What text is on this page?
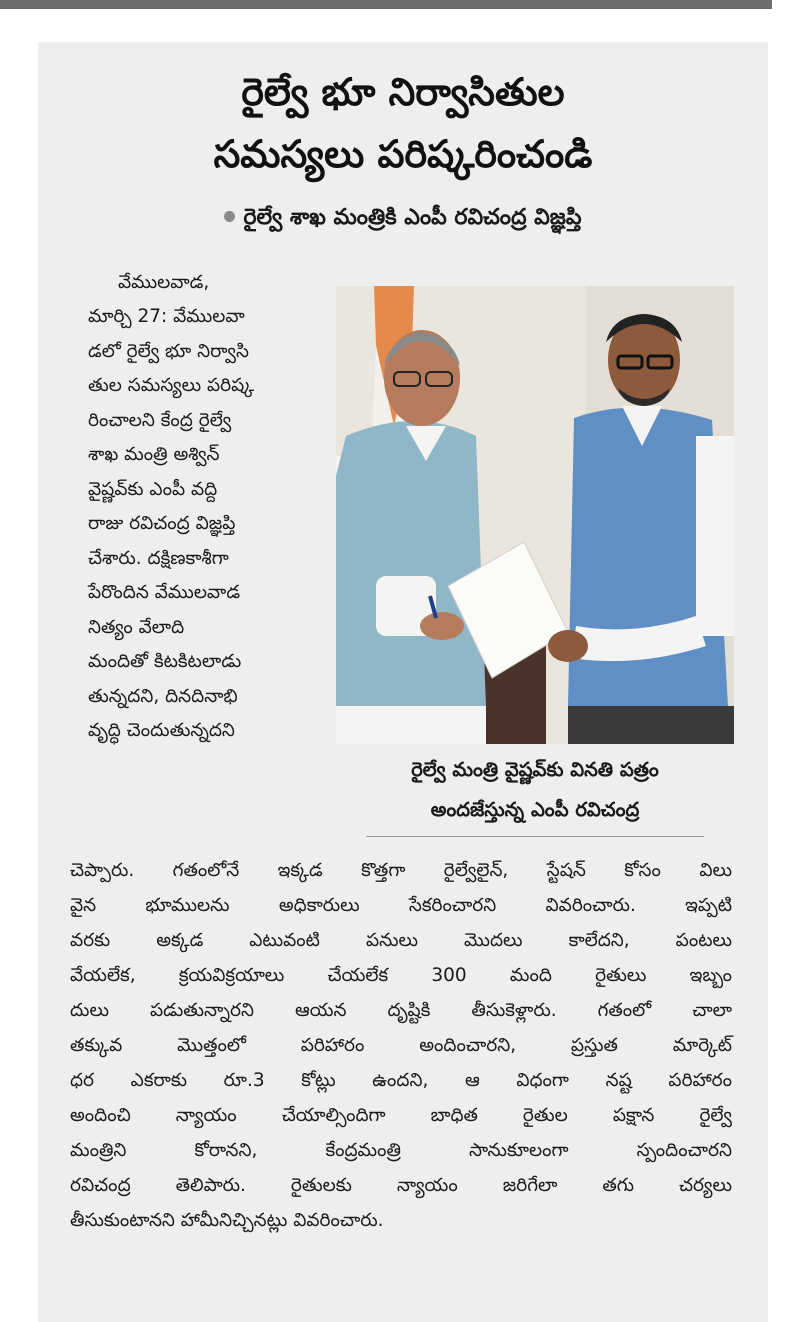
రైల్వే భూ నిర్వాసితుల
సమస్యలు పరిష్కరించండి
రైల్వే శాఖ మంత్రికి ఎంపీ రవిచంద్ర విజ్ఞప్తి
వేములవాడ,
మార్చి 27: వేములవా
డలో రైల్వే భూ నిర్వాసి
తుల సమస్యలు పరిష్క
రించాలని కేంద్ర రైల్వే
శాఖ మంత్రి అశ్విన్
వైష్ణవ్‌కు ఎంపీ వద్ది
రాజు రవిచంద్ర విజ్ఞప్తి
చేశారు. దక్షిణకాశీగా
పేరొందిన వేములవాడ
నిత్యం వేలాది
మందితో కిటకిటలాడు
తున్నదని, దినదినాభి
వృద్ధి చెందుతున్నదని
రైల్వే మంత్రి వైష్ణవ్‌కు వినతి పత్రం
అందజేస్తున్న ఎంపీ రవిచంద్ర
చెప్పారు. గతంలోనే ఇక్కడ కొత్తగా రైల్వేలైన్, స్టేషన్ కోసం విలు
వైన భూములను అధికారులు సేకరించారని వివరించారు. ఇప్పటి
వరకు అక్కడ ఎటువంటి పనులు మొదలు కాలేదని, పంటలు
వేయలేక, క్రయవిక్రయాలు చేయలేక 300 మంది రైతులు ఇబ్బం
దులు పడుతున్నారని ఆయన దృష్టికి తీసుకెళ్లారు. గతంలో చాలా
తక్కువ మొత్తంలో పరిహారం అందించారని, ప్రస్తుత మార్కెట్
ధర ఎకరాకు రూ.3 కోట్లు ఉందని, ఆ విధంగా నష్ట పరిహారం
అందించి న్యాయం చేయాల్సిందిగా బాధిత రైతుల పక్షాన రైల్వే
మంత్రిని కోరానని, కేంద్రమంత్రి సానుకూలంగా స్పందించారని
రవిచంద్ర తెలిపారు. రైతులకు న్యాయం జరిగేలా తగు చర్యలు
తీసుకుంటానని హామీనిచ్చినట్లు వివరించారు.
